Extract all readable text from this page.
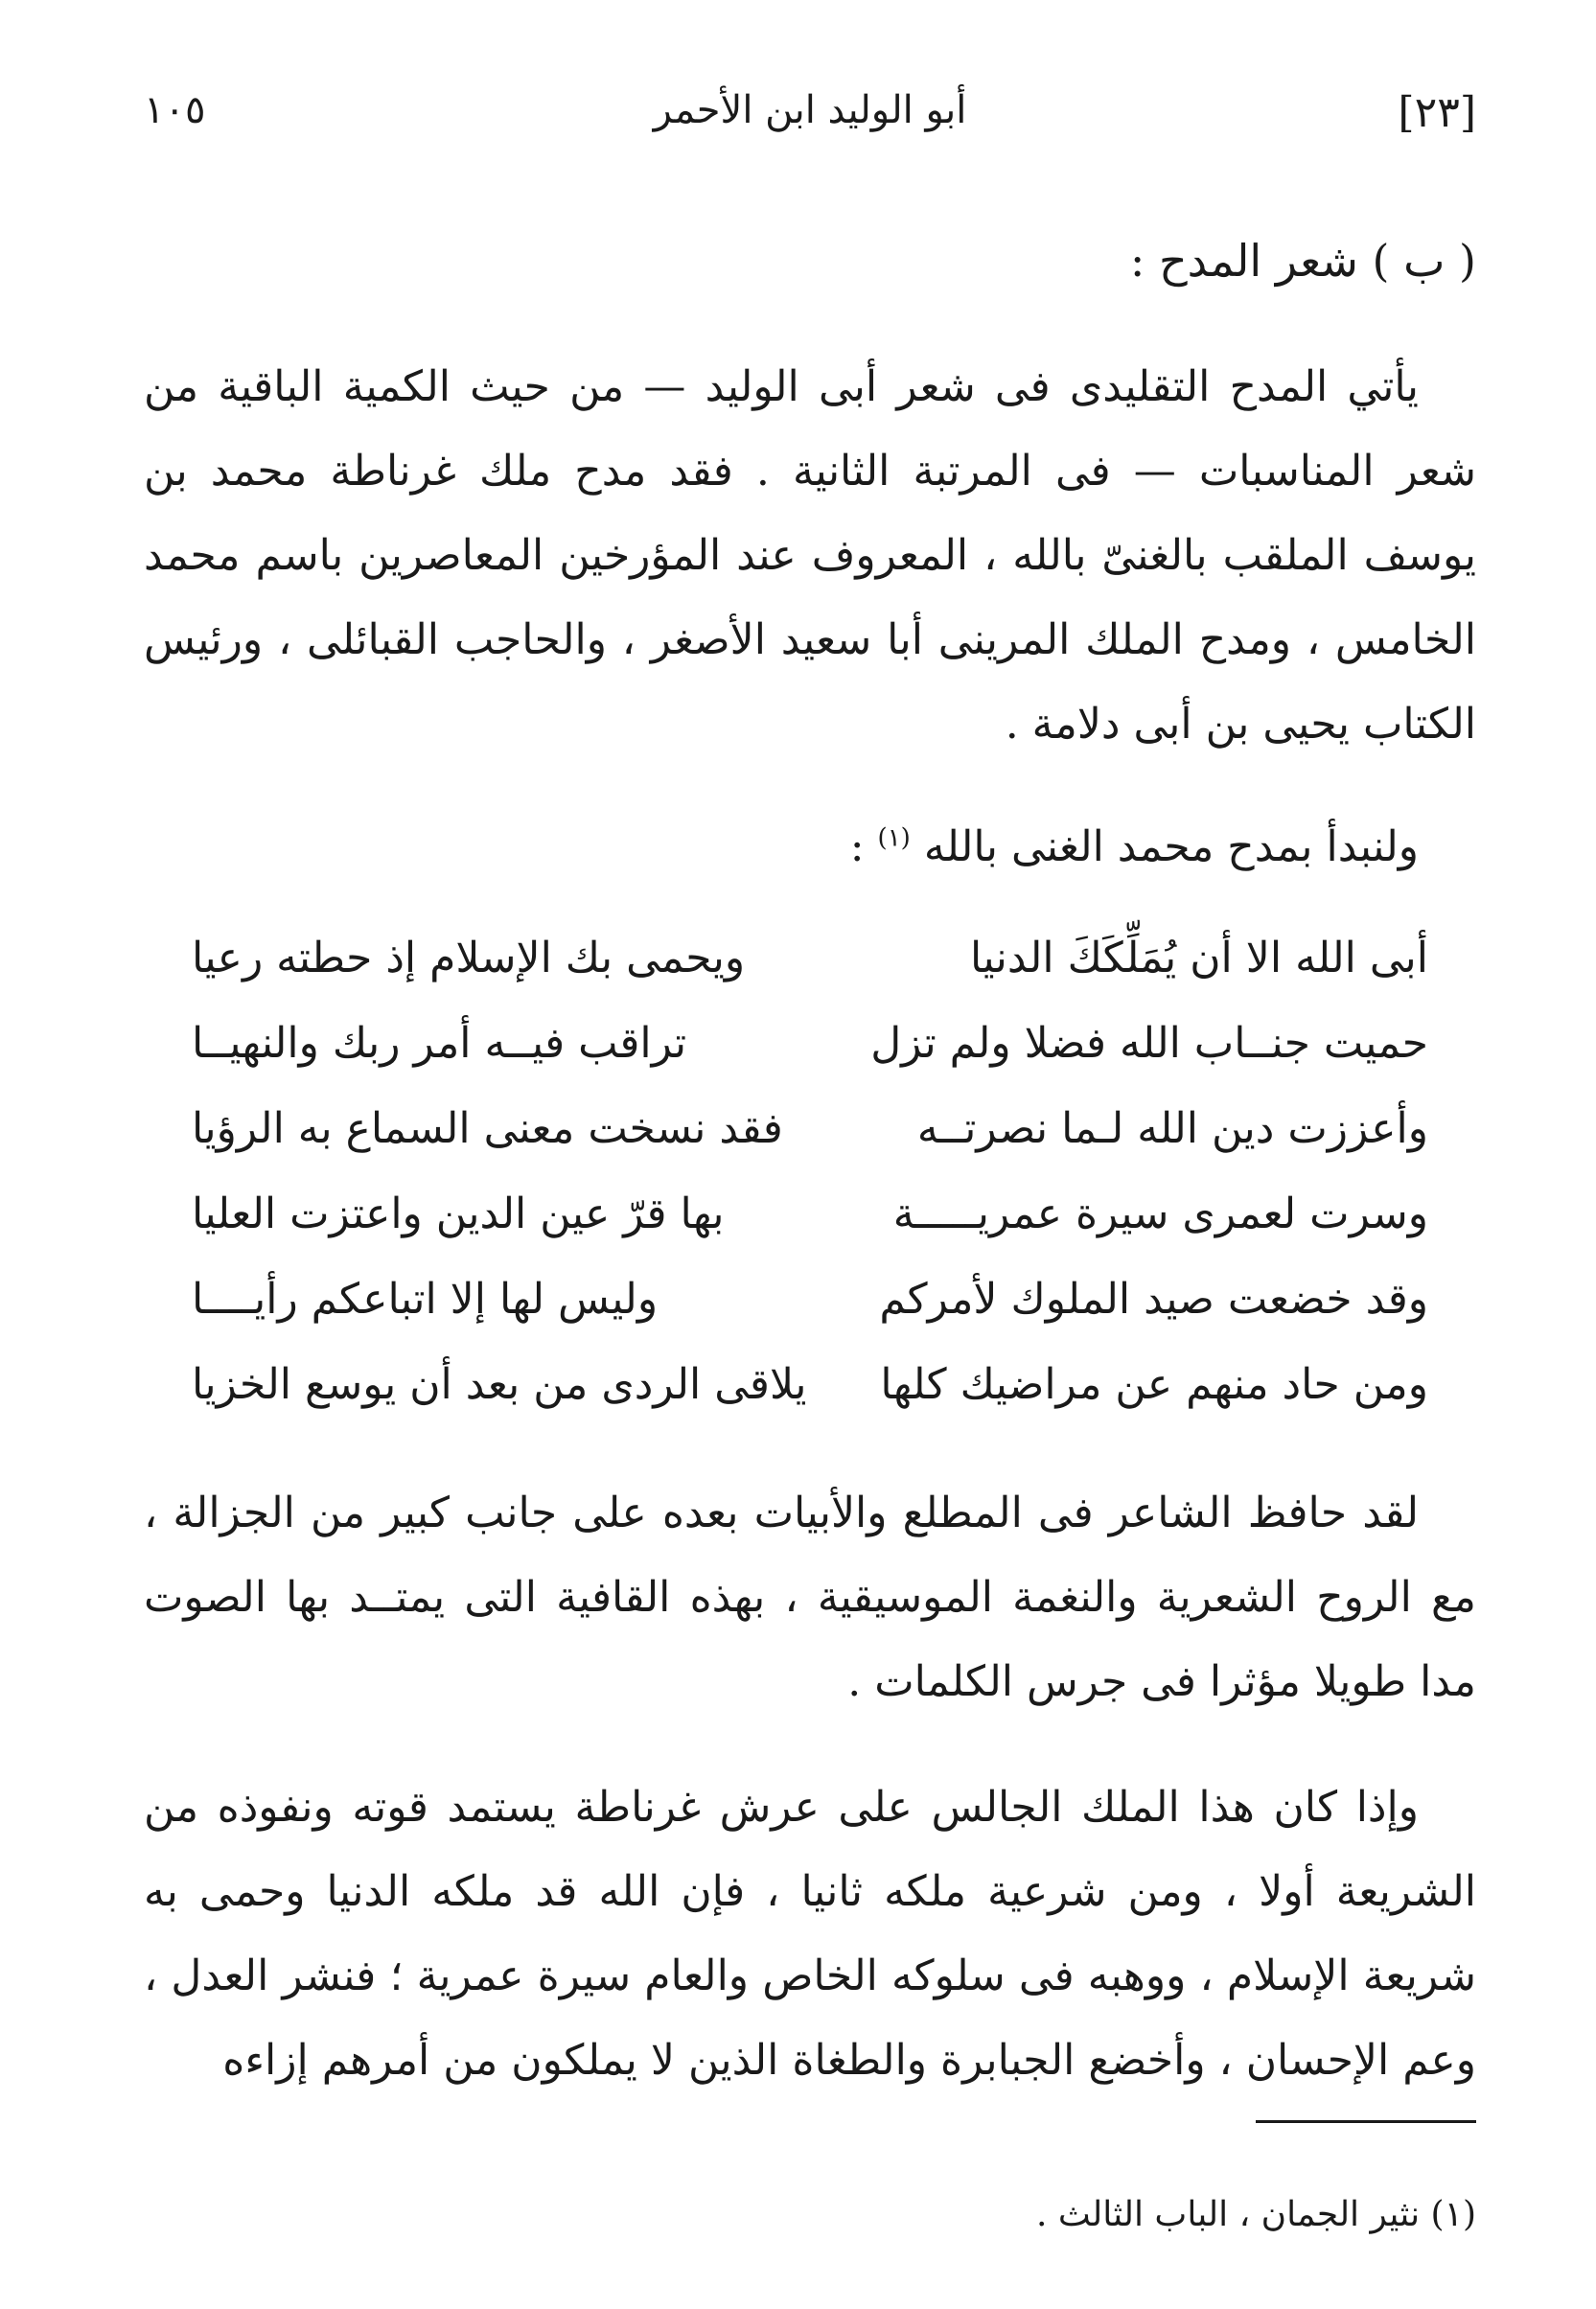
[٢٣]
أبو الوليد ابن الأحمر
١٠٥
( ب ) شعر المدح :

يأتي المدح التقليدى فى شعر أبى الوليد — من حيث الكمية الباقية من شعر المناسبات — فى المرتبة الثانية . فقد مدح ملك غرناطة محمد بن يوسف الملقب بالغنىّ بالله ، المعروف عند المؤرخين المعاصرين باسم محمد الخامس ، ومدح الملك المرينى أبا سعيد الأصغر ، والحاجب القبائلى ، ورئيس الكتاب يحيى بن أبى دلامة .

ولنبدأ بمدح محمد الغنى بالله $^{(١)}$ :

أبى الله الا أن يُمَلِّكَكَ الدنيا
ويحمى بك الإسلام إذ حطته رعيا
حميت جنــاب الله فضلا ولم تزل
تراقب فيــه أمر ربك والنهيــا
وأعززت دين الله لـما نصرتــه
فقد نسخت معنى السماع به الرؤيا
وسرت لعمرى سيرة عمريـــــة
بها قرّ عين الدين واعتزت العليا
وقد خضعت صيد الملوك لأمركم
وليس لها إلا اتباعكم رأيــــا
ومن حاد منهم عن مراضيك كلها
يلاقى الردى من بعد أن يوسع الخزيا

لقد حافظ الشاعر فى المطلع والأبيات بعده على جانب كبير من الجزالة ، مع الروح الشعرية والنغمة الموسيقية ، بهذه القافية التى يمتــد بها الصوت مدا طويلا مؤثرا فى جرس الكلمات .

وإذا كان هذا الملك الجالس على عرش غرناطة يستمد قوته ونفوذه من الشريعة أولا ، ومن شرعية ملكه ثانيا ، فإن الله قد ملكه الدنيا وحمى به شريعة الإسلام ، ووهبه فى سلوكه الخاص والعام سيرة عمرية ؛ فنشر العدل ، وعم الإحسان ، وأخضع الجبابرة والطغاة الذين لا يملكون من أمرهم إزاءه

(١) نثير الجمان ، الباب الثالث .
